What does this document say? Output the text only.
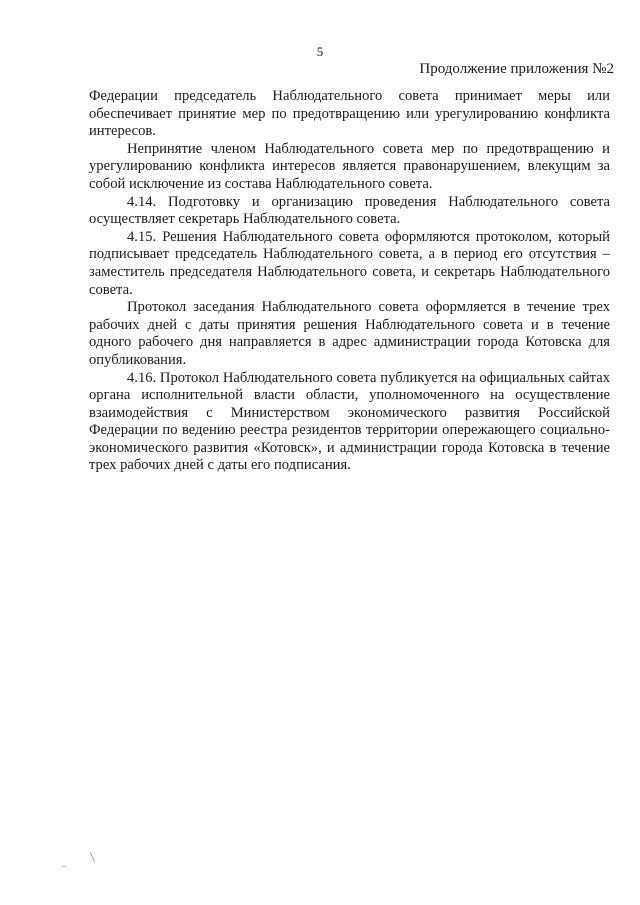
5
Продолжение приложения №2

Федерации председатель Наблюдательного совета принимает меры или обеспечивает принятие мер по предотвращению или урегулированию конфликта интересов.

Непринятие членом Наблюдательного совета мер по предотвращению и урегулированию конфликта интересов является правонарушением, влекущим за собой исключение из состава Наблюдательного совета.

4.14. Подготовку и организацию проведения Наблюдательного совета осуществляет секретарь Наблюдательного совета.

4.15. Решения Наблюдательного совета оформляются протоколом, который подписывает председатель Наблюдательного совета, а в период его отсутствия – заместитель председателя Наблюдательного совета, и секретарь Наблюдательного совета.

Протокол заседания Наблюдательного совета оформляется в течение трех рабочих дней с даты принятия решения Наблюдательного совета и в течение одного рабочего дня направляется в адрес администрации города Котовска для опубликования.

4.16. Протокол Наблюдательного совета публикуется на официальных сайтах органа исполнительной власти области, уполномоченного на осуществление взаимодействия с Министерством экономического развития Российской Федерации по ведению реестра резидентов территории опережающего социально-экономического развития «Котовск», и администрации города Котовска в течение трех рабочих дней с даты его подписания.
